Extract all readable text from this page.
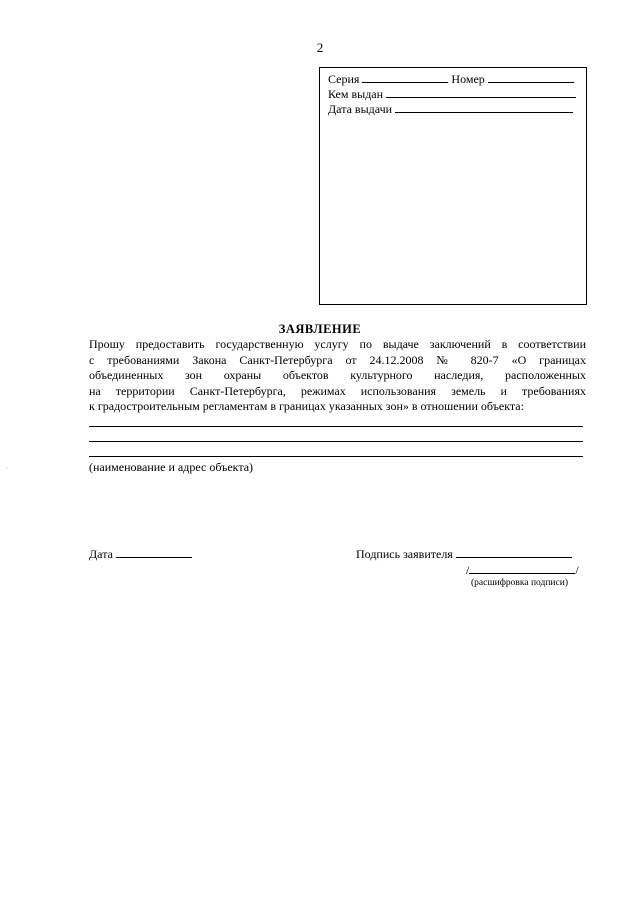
2
Серия	Номер
Кем выдан
Дата выдачи
ЗАЯВЛЕНИЕ
Прошу предоставить государственную услугу по выдаче заключений в соответствии
с требованиями Закона Санкт-Петербурга от 24.12.2008 № 820-7 «О границах
объединенных зон охраны объектов культурного наследия, расположенных
на территории Санкт-Петербурга, режимах использования земель и требованиях
к градостроительным регламентам в границах указанных зон» в отношении объекта:
(наименование и адрес объекта)
Дата	Подпись заявителя
/	/
(расшифровка подписи)
·
